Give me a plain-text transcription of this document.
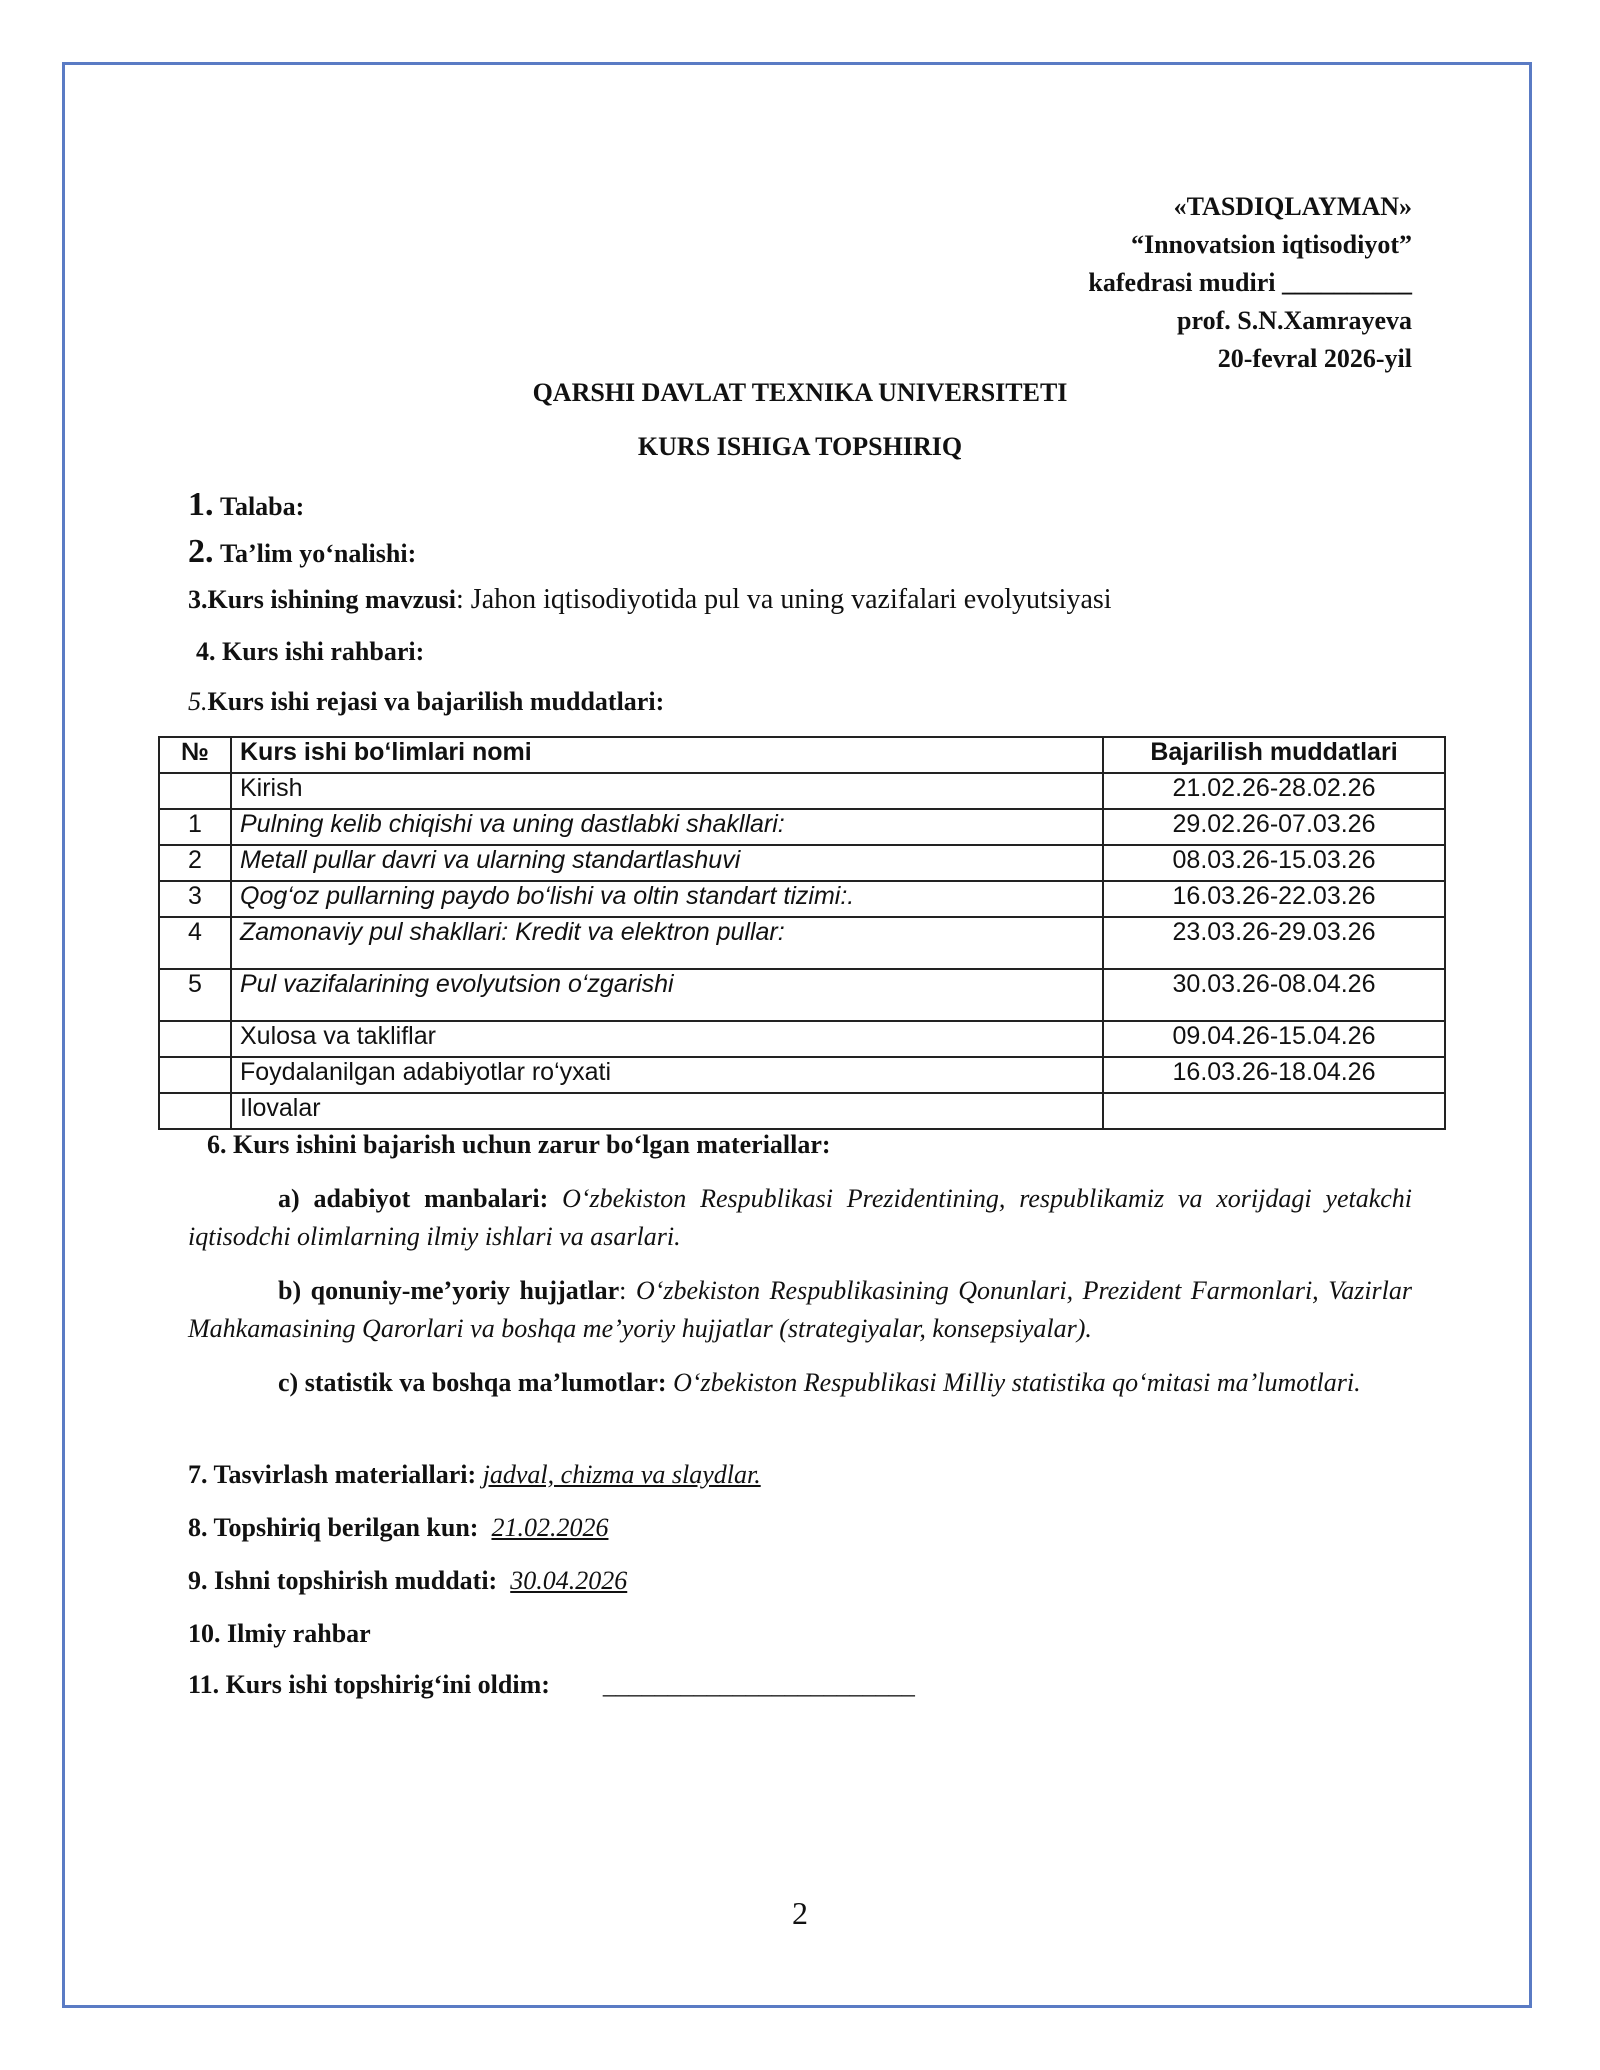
«TASDIQLAYMAN»
“Innovatsion iqtisodiyot”
kafedrasi mudiri __________
prof. S.N.Xamrayeva
20-fevral 2026-yil
QARSHI DAVLAT TEXNIKA UNIVERSITETI
KURS ISHIGA TOPSHIRIQ
1. Talaba:
2. Ta’lim yo‘nalishi:
3.Kurs ishining mavzusi: Jahon iqtisodiyotida pul va uning vazifalari evolyutsiyasi
4. Kurs ishi rahbari:
5.Kurs ishi rejasi va bajarilish muddatlari:
№	Kurs ishi bo‘limlari nomi	Bajarilish muddatlari
	Kirish	21.02.26-28.02.26
1	Pulning kelib chiqishi va uning dastlabki shakllari:	29.02.26-07.03.26
2	Metall pullar davri va ularning standartlashuvi	08.03.26-15.03.26
3	Qog‘oz pullarning paydo bo‘lishi va oltin standart tizimi:.	16.03.26-22.03.26
4	Zamonaviy pul shakllari: Kredit va elektron pullar:	23.03.26-29.03.26
5	Pul vazifalarining evolyutsion o‘zgarishi	30.03.26-08.04.26
	Xulosa va takliflar	09.04.26-15.04.26
	Foydalanilgan adabiyotlar ro‘yxati	16.03.26-18.04.26
	Ilovalar	
6. Kurs ishini bajarish uchun zarur bo‘lgan materiallar:
a) adabiyot manbalari: O‘zbekiston Respublikasi Prezidentining, respublikamiz va xorijdagi yetakchi iqtisodchi olimlarning ilmiy ishlari va asarlari.
b) qonuniy-me’yoriy hujjatlar: O‘zbekiston Respublikasining Qonunlari, Prezident Farmonlari, Vazirlar Mahkamasining Qarorlari va boshqa me’yoriy hujjatlar (strategiyalar, konsepsiyalar).
c) statistik va boshqa ma’lumotlar: O‘zbekiston Respublikasi Milliy statistika qo‘mitasi ma’lumotlari.
7. Tasvirlash materiallari: jadval, chizma va slaydlar.
8. Topshiriq berilgan kun: 21.02.2026
9. Ishni topshirish muddati: 30.04.2026
10. Ilmiy rahbar
11. Kurs ishi topshirig‘ini oldim: ________________________
2
